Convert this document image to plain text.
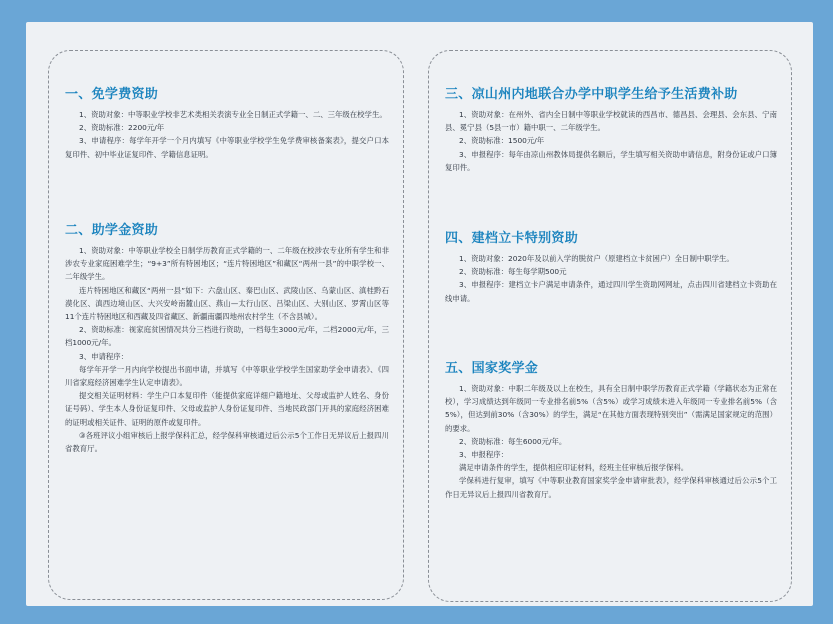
一、免学费资助

1、资助对象：中等职业学校非艺术类相关表演专业全日制正式学籍一、二、三年级在校学生。

2、资助标准：2200元/年

3、申请程序：每学年开学一个月内填写《中等职业学校学生免学费审核备案表》，提交户口本复印件、初中毕业证复印件、学籍信息证明。

二、助学金资助

1、资助对象：中等职业学校全日制学历教育正式学籍的一、二年级在校涉农专业所有学生和非涉农专业家庭困难学生；“9+3”所有特困地区；“连片特困地区”和藏区“两州一县”的中职学校一、二年级学生。

连片特困地区和藏区“两州一县”如下：六盘山区、秦巴山区、武陵山区、乌蒙山区、滇桂黔石漠化区、滇西边境山区、大兴安岭南麓山区、燕山—太行山区、吕梁山区、大别山区、罗霄山区等11个连片特困地区和西藏及四省藏区、新疆南疆四地州农村学生（不含县城）。

2、资助标准：视家庭贫困情况共分三档进行资助，一档每生3000元/年，二档2000元/年，三档1000元/年。

3、申请程序：

每学年开学一月内向学校提出书面申请，并填写《中等职业学校学生国家助学金申请表》、《四川省家庭经济困难学生认定申请表》。

提交相关证明材料：学生户口本复印件（能提供家庭详细户籍地址、父母或监护人姓名、身份证号码）、学生本人身份证复印件、父母或监护人身份证复印件、当地民政部门开具的家庭经济困难的证明或相关证件、证明的原件或复印件。

③各班评议小组审核后上报学保科汇总，经学保科审核通过后公示5个工作日无异议后上报四川省教育厅。

三、凉山州内地联合办学中职学生给予生活费补助

1、资助对象：在州外、省内全日制中等职业学校就读的西昌市、德昌县、会理县、会东县、宁南县、冕宁县（5县一市）籍中职一、二年级学生。

2、资助标准：1500元/年

3、申报程序：每年由凉山州教体局提供名额后，学生填写相关资助申请信息，附身份证或户口簿复印件。

四、建档立卡特别资助

1、资助对象：2020年及以前入学的脱贫户（原建档立卡贫困户）全日制中职学生。

2、资助标准：每生每学期500元

3、申报程序：建档立卡户满足申请条件，通过四川学生资助网网址，点击四川省建档立卡资助在线申请。

五、国家奖学金

1、资助对象：中职二年级及以上在校生，具有全日制中职学历教育正式学籍（学籍状态为正常在校），学习成绩达到年级同一专业排名前5%（含5%）或学习成绩未进入年级同一专业排名前5%（含5%），但达到前30%（含30%）的学生，满足“在其他方面表现特别突出”（需满足国家规定的范围）的要求。

2、资助标准：每生6000元/年。

3、申报程序：

满足申请条件的学生，提供相应印证材料，经班主任审核后报学保科。

学保科进行复审，填写《中等职业教育国家奖学金申请审批表》，经学保科审核通过后公示5个工作日无异议后上报四川省教育厅。
